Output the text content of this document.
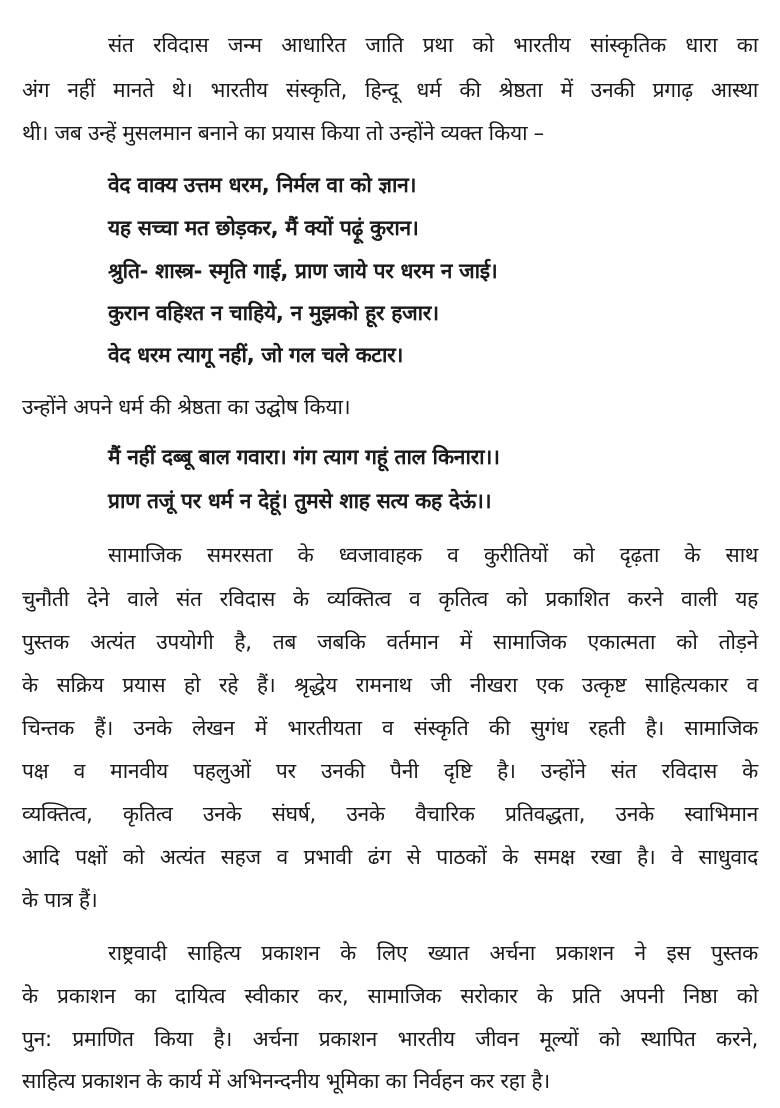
संत रविदास जन्म आधारित जाति प्रथा को भारतीय सांस्कृतिक धारा का
अंग नहीं मानते थे। भारतीय संस्कृति, हिन्दू धर्म की श्रेष्ठता में उनकी प्रगाढ़ आस्था
थी। जब उन्हें मुसलमान बनाने का प्रयास किया तो उन्होंने व्यक्त किया –
वेद वाक्य उत्तम धरम, निर्मल वा को ज्ञान।
यह सच्चा मत छोड़कर, मैं क्यों पढ़ूं कुरान।
श्रुति- शास्त्र- स्मृति गाई, प्राण जाये पर धरम न जाई।
कुरान वहिश्त न चाहिये, न मुझको हूर हजार।
वेद धरम त्यागू नहीं, जो गल चले कटार।
उन्होंने अपने धर्म की श्रेष्ठता का उद्घोष किया।
मैं नहीं दब्बू बाल गवारा। गंग त्याग गहूं ताल किनारा।।
प्राण तजूं पर धर्म न देहूं। तुमसे शाह सत्य कह देऊं।।
सामाजिक समरसता के ध्वजावाहक व कुरीतियों को दृढ़ता के साथ
चुनौती देने वाले संत रविदास के व्यक्तित्व व कृतित्व को प्रकाशित करने वाली यह
पुस्तक अत्यंत उपयोगी है, तब जबकि वर्तमान में सामाजिक एकात्मता को तोड़ने
के सक्रिय प्रयास हो रहे हैं। श्रृद्धेय रामनाथ जी नीखरा एक उत्कृष्ट साहित्यकार व
चिन्तक हैं। उनके लेखन में भारतीयता व संस्कृति की सुगंध रहती है। सामाजिक
पक्ष व मानवीय पहलुओं पर उनकी पैनी दृष्टि है। उन्होंने संत रविदास के
व्यक्तित्व, कृतित्व उनके संघर्ष, उनके वैचारिक प्रतिवद्धता, उनके स्वाभिमान
आदि पक्षों को अत्यंत सहज व प्रभावी ढंग से पाठकों के समक्ष रखा है। वे साधुवाद
के पात्र हैं।
राष्ट्रवादी साहित्य प्रकाशन के लिए ख्यात अर्चना प्रकाशन ने इस पुस्तक
के प्रकाशन का दायित्व स्वीकार कर, सामाजिक सरोकार के प्रति अपनी निष्ठा को
पुन: प्रमाणित किया है। अर्चना प्रकाशन भारतीय जीवन मूल्यों को स्थापित करने,
साहित्य प्रकाशन के कार्य में अभिनन्दनीय भूमिका का निर्वहन कर रहा है।
